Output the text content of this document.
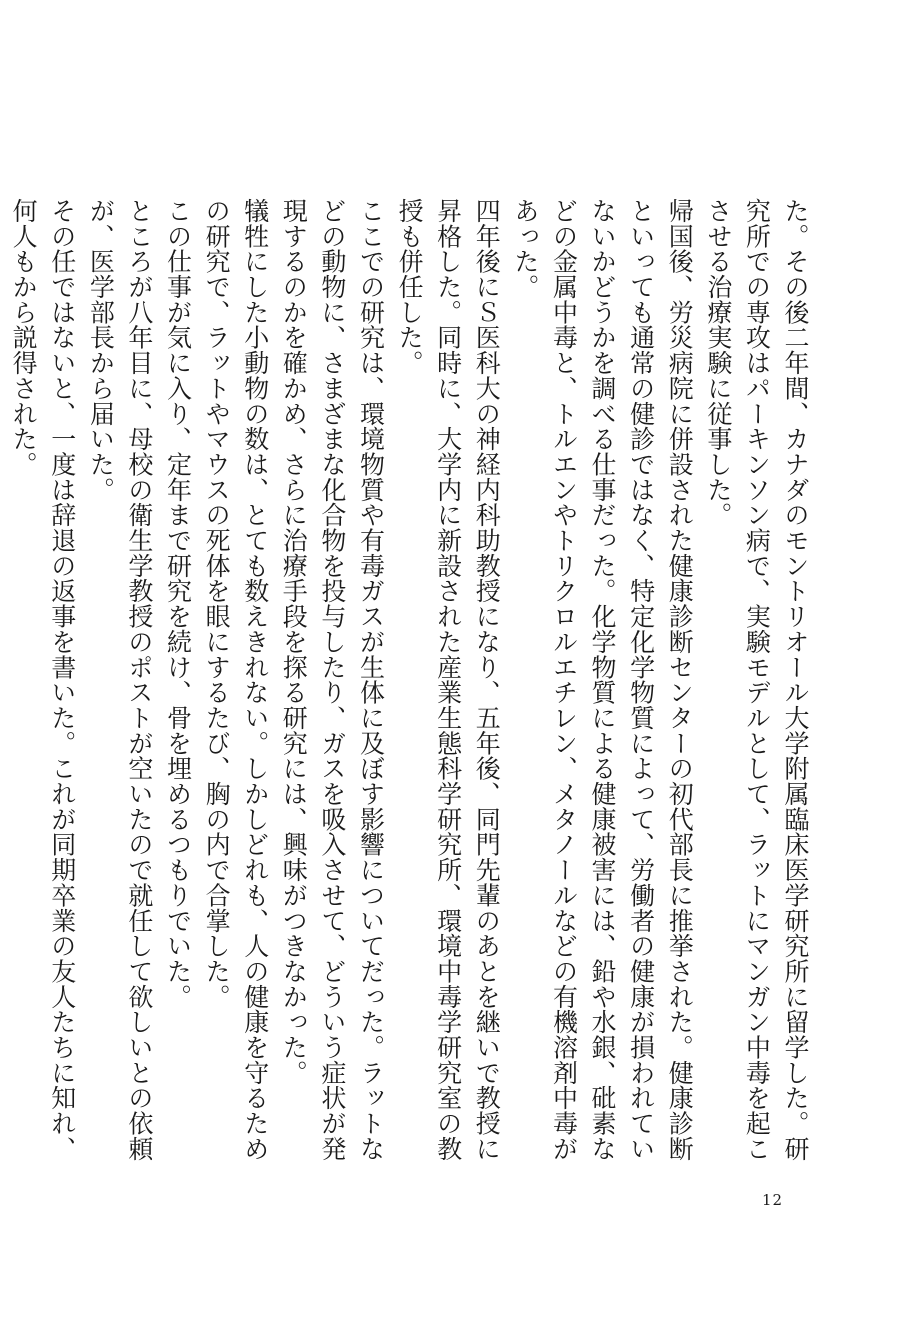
た。その後二年間、カナダのモントリオール大学附属臨床医学研究所に留学した。研究所での専攻はパーキンソン病で、実験モデルとして、ラットにマンガン中毒を起こさせる治療実験に従事した。

帰国後、労災病院に併設された健康診断センターの初代部長に推挙された。健康診断といっても通常の健診ではなく、特定化学物質によって、労働者の健康が損われていないかどうかを調べる仕事だった。化学物質による健康被害には、鉛や水銀、砒素などの金属中毒と、トルエンやトリクロルエチレン、メタノールなどの有機溶剤中毒があった。

四年後にＳ医科大の神経内科助教授になり、五年後、同門先輩のあとを継いで教授に昇格した。同時に、大学内に新設された産業生態科学研究所、環境中毒学研究室の教授も併任した。

ここでの研究は、環境物質や有毒ガスが生体に及ぼす影響についてだった。ラットなどの動物に、さまざまな化合物を投与したり、ガスを吸入させて、どういう症状が発現するのかを確かめ、さらに治療手段を探る研究には、興味がつきなかった。

犠牲にした小動物の数は、とても数えきれない。しかしどれも、人の健康を守るための研究で、ラットやマウスの死体を眼にするたび、胸の内で合掌した。

この仕事が気に入り、定年まで研究を続け、骨を埋めるつもりでいた。

ところが八年目に、母校の衛生学教授のポストが空いたので就任して欲しいとの依頼が、医学部長から届いた。

その任ではないと、一度は辞退の返事を書いた。これが同期卒業の友人たちに知れ、何人もから説得された。

12
